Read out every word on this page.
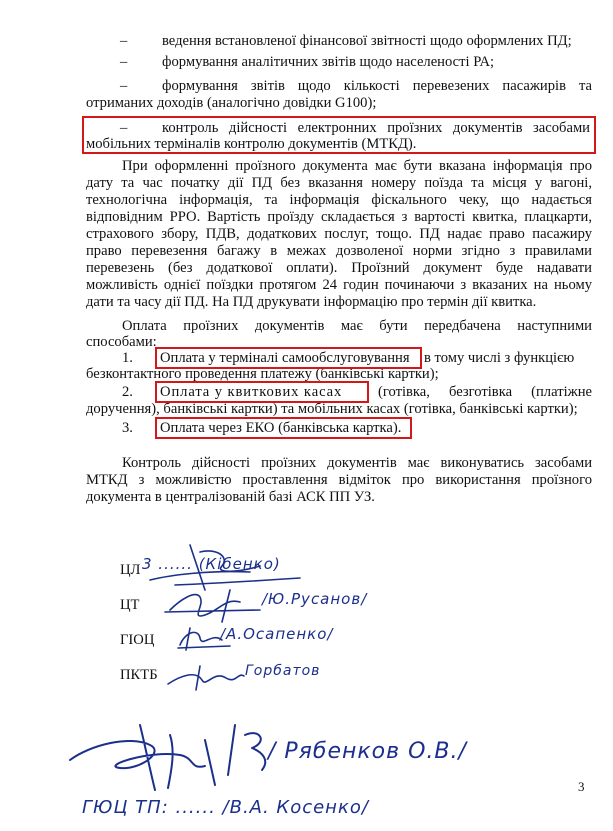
– ведення встановленої фінансової звітності щодо оформлених ПД;
– формування аналітичних звітів щодо населеності РА;
– формування звітів щодо кількості перевезених пасажирів та
отриманих доходів (аналогічно довідки G100);
– контроль дійсності електронних проїзних документів засобами
мобільних терміналів контролю документів (МТКД).
При оформленні проїзного документа має бути вказана інформація про
дату та час початку дії ПД без вказання номеру поїзда та місця у вагоні,
технологічна інформація, та інформація фіскального чеку, що надається
відповідним РРО. Вартість проїзду складається з вартості квитка, плацкарти,
страхового збору, ПДВ, додаткових послуг, тощо. ПД надає право пасажиру
право перевезення багажу в межах дозволеної норми згідно з правилами
перевезень (без додаткової оплати). Проїзний документ буде надавати
можливість однієї поїздки протягом 24 годин починаючи з вказаних на ньому
дати та часу дії ПД. На ПД друкувати інформацію про термін дії квитка.
Оплата проїзних документів має бути передбачена наступними
способами:
1. Оплата у терміналі самообслуговування в тому числі з функцією
безконтактного проведення платежу (банківські картки);
2. Оплата у квиткових касах (готівка, безготівка (платіжне
доручення), банківські картки) та мобільних касах (готівка, банківські картки);
3. Оплата через ЕКО (банківська картка).
Контроль дійсності проїзних документів має виконуватись засобами
МТКД з можливістю проставлення відміток про використання проїзного
документа в централізованій базі АСК ПП УЗ.
ЦЛ
ЦТ
ГІОЦ
ПКТБ
3 ...... (Кібенко)
/Ю.Русанов/
/А.Осапенко/
Горбатов
/ Рябенков О.В./
ГЮЦ ТП: ...... /В.А. Косенко/
3
